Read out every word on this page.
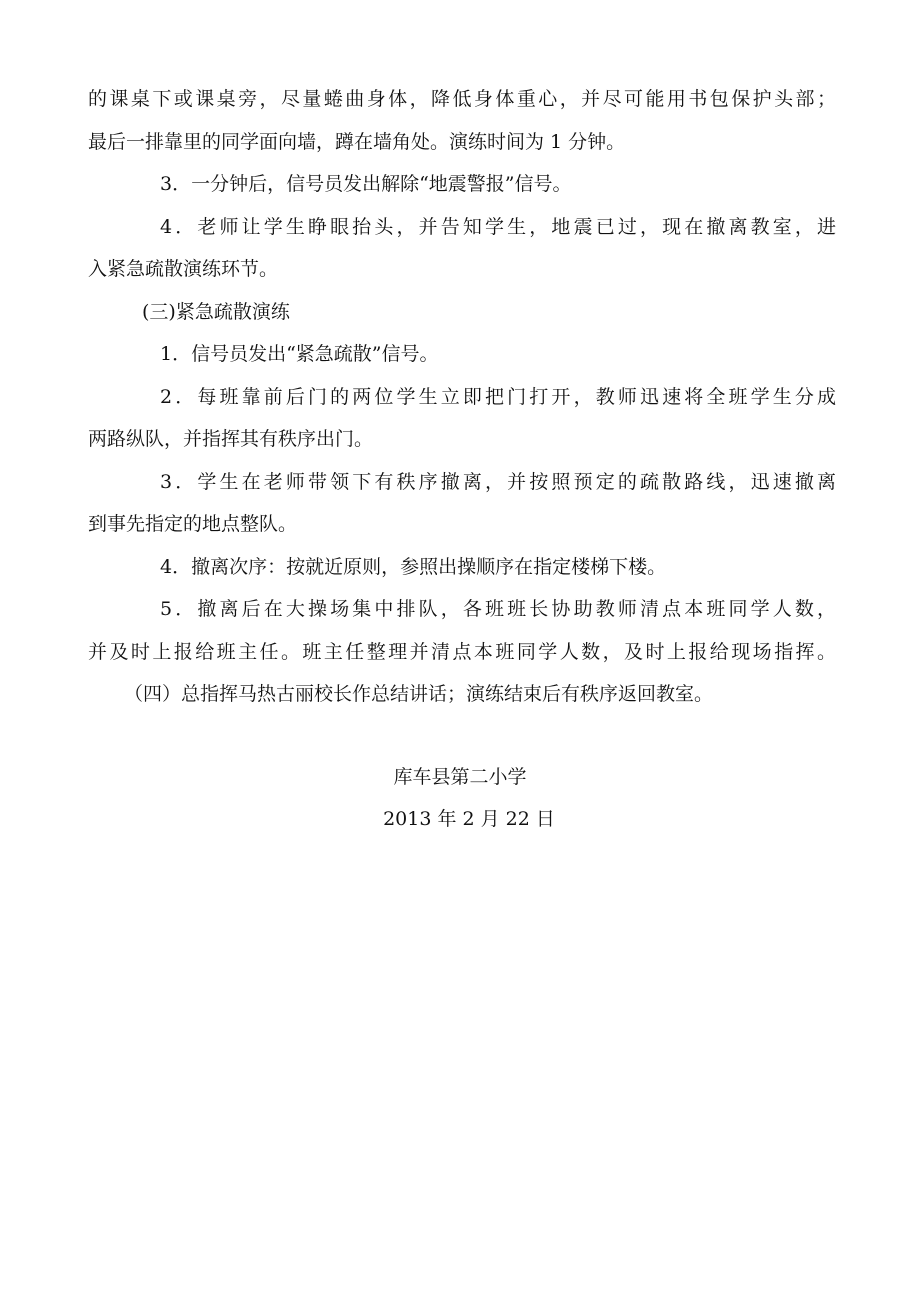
的课桌下或课桌旁，尽量蜷曲身体，降低身体重心，并尽可能用书包保护头部；

最后一排靠里的同学面向墙，蹲在墙角处。演练时间为 1 分钟。

3．一分钟后，信号员发出解除“地震警报”信号。

4．老师让学生睁眼抬头，并告知学生，地震已过，现在撤离教室，进

入紧急疏散演练环节。

(三)紧急疏散演练

1．信号员发出“紧急疏散”信号。

2．每班靠前后门的两位学生立即把门打开，教师迅速将全班学生分成

两路纵队，并指挥其有秩序出门。

3．学生在老师带领下有秩序撤离，并按照预定的疏散路线，迅速撤离

到事先指定的地点整队。

4．撤离次序：按就近原则，参照出操顺序在指定楼梯下楼。

5．撤离后在大操场集中排队，各班班长协助教师清点本班同学人数，

并及时上报给班主任。班主任整理并清点本班同学人数，及时上报给现场指挥。

（四）总指挥马热古丽校长作总结讲话；演练结束后有秩序返回教室。

库车县第二小学

2013 年 2 月 22 日
